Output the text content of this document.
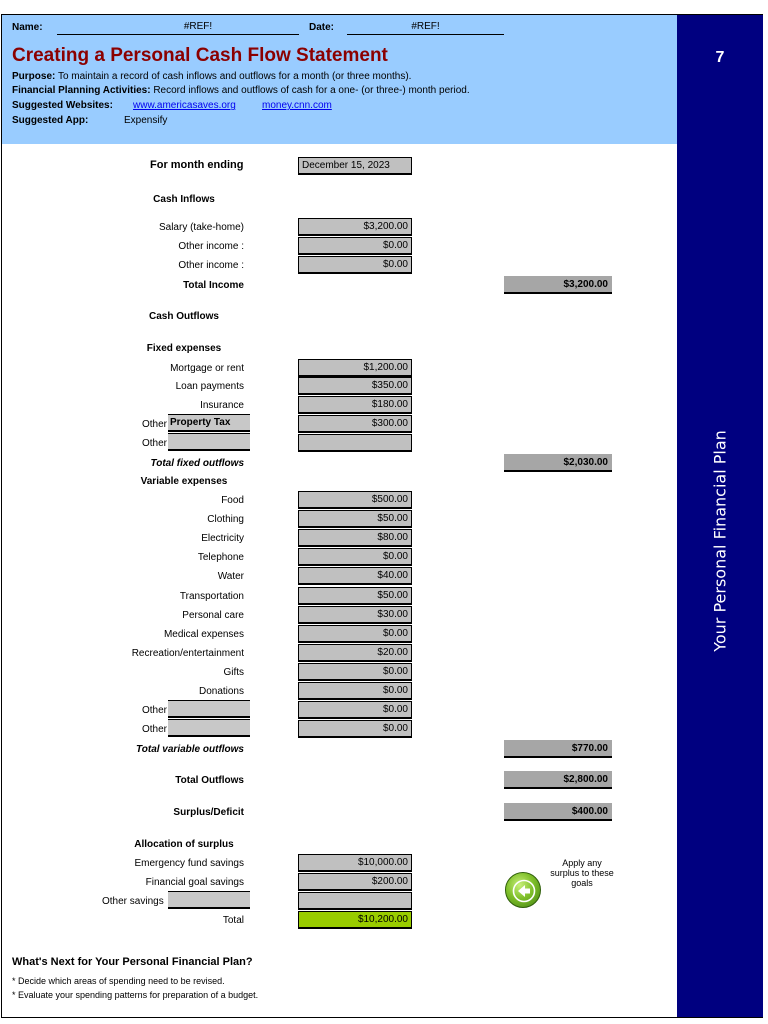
Name:	#REF!	Date:	#REF!
Creating a Personal Cash Flow Statement
Purpose: To maintain a record of cash inflows and outflows for a month (or three months).
Financial Planning Activities: Record inflows and outflows of cash for a one- (or three-) month period.
Suggested Websites: www.americasaves.org	money.cnn.com
Suggested App:	Expensify
7
Your Personal Financial Plan
For month ending	December 15, 2023
Cash Inflows
Salary (take-home)	$3,200.00
Other income :	$0.00
Other income :	$0.00
Total Income	$3,200.00
Cash Outflows
Fixed expenses
Mortgage or rent	$1,200.00
Loan payments	$350.00
Insurance	$180.00
Other Property Tax	$300.00
Other
Total fixed outflows	$2,030.00
Variable expenses
Food	$500.00
Clothing	$50.00
Electricity	$80.00
Telephone	$0.00
Water	$40.00
Transportation	$50.00
Personal care	$30.00
Medical expenses	$0.00
Recreation/entertainment	$20.00
Gifts	$0.00
Donations	$0.00
Other	$0.00
Other	$0.00
Total variable outflows	$770.00
Total Outflows	$2,800.00
Surplus/Deficit	$400.00
Allocation of surplus
Emergency fund savings	$10,000.00
Financial goal savings	$200.00
Other savings
Total	$10,200.00
Apply any surplus to these goals
What's Next for Your Personal Financial Plan?
* Decide which areas of spending need to be revised.
* Evaluate your spending patterns for preparation of a budget.
